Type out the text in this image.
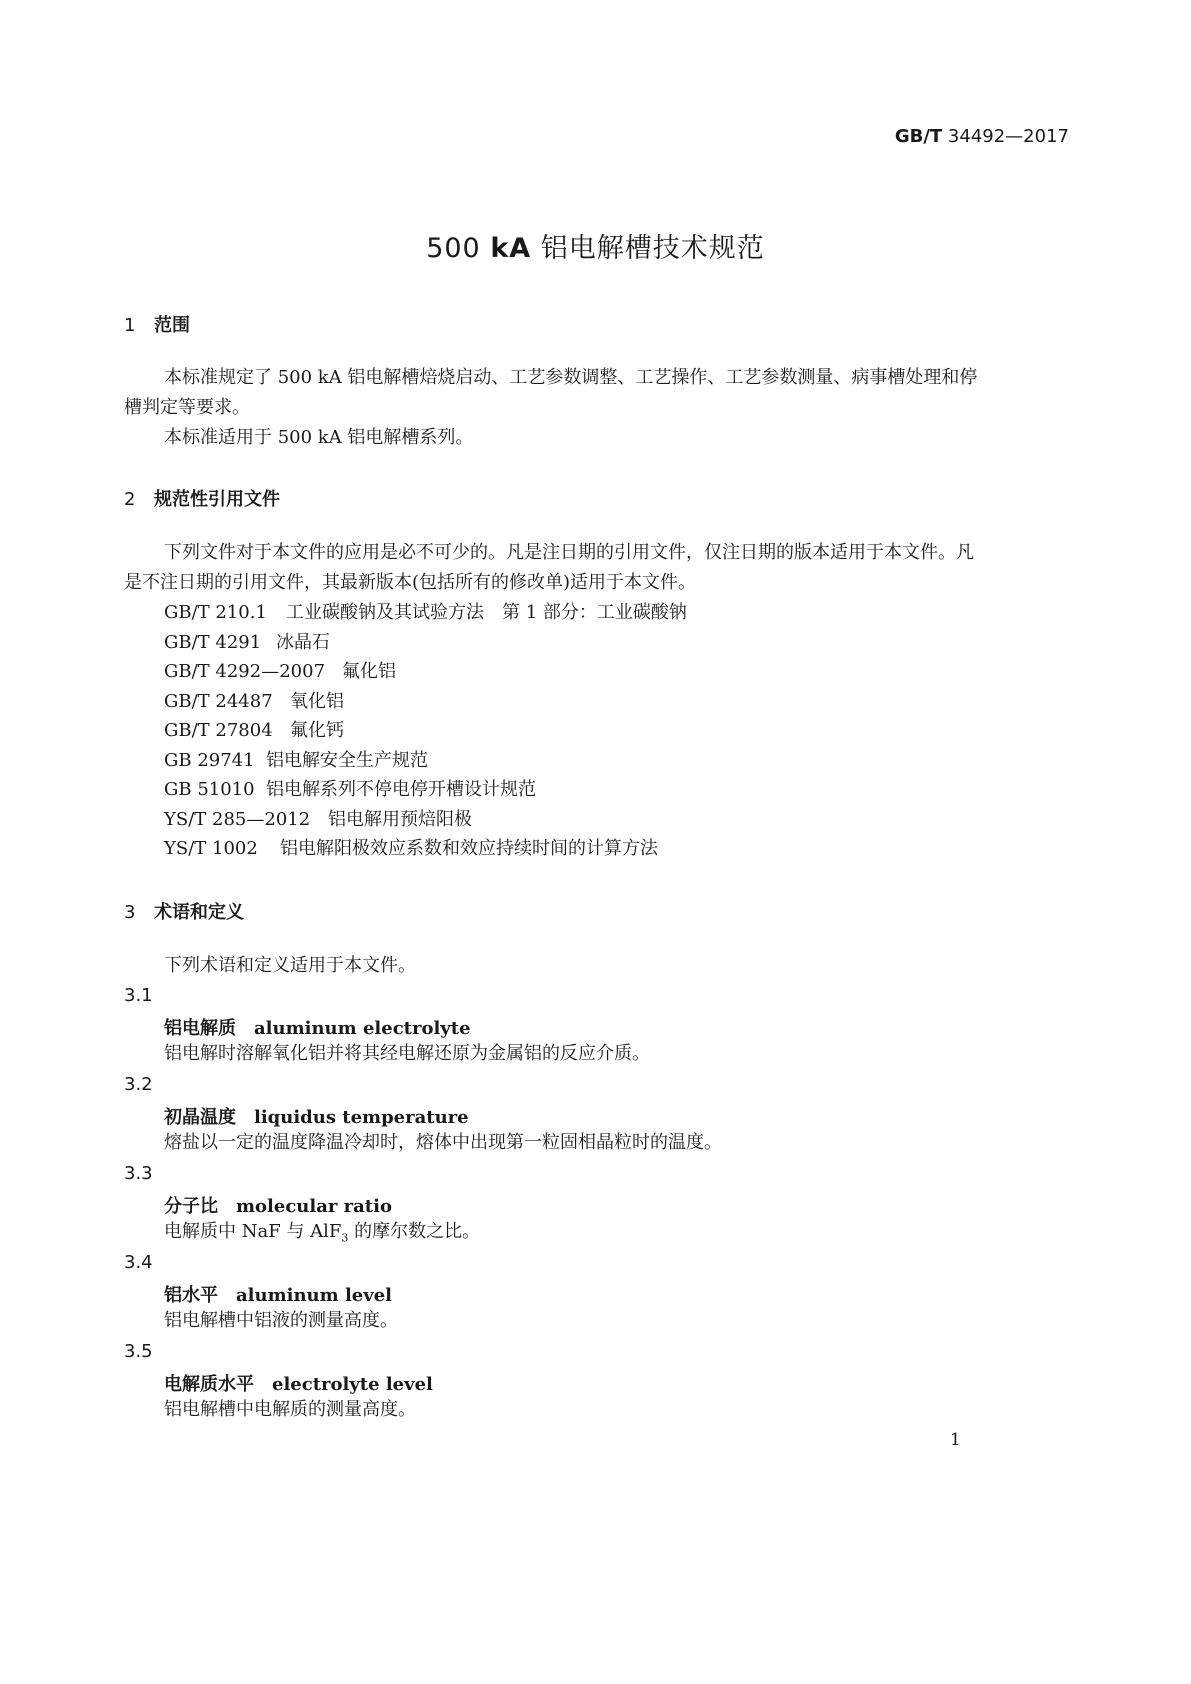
GB/T 34492—2017
500 kA 铝电解槽技术规范
1 范围
本标准规定了 500 kA 铝电解槽焙烧启动、工艺参数调整、工艺操作、工艺参数测量、病事槽处理和停槽判定等要求。
本标准适用于 500 kA 铝电解槽系列。
2 规范性引用文件
下列文件对于本文件的应用是必不可少的。凡是注日期的引用文件，仅注日期的版本适用于本文件。凡是不注日期的引用文件，其最新版本(包括所有的修改单)适用于本文件。
GB/T 210.1 工业碳酸钠及其试验方法　第 1 部分：工业碳酸钠
GB/T 4291 冰晶石
GB/T 4292—2007 氟化铝
GB/T 24487 氧化铝
GB/T 27804 氟化钙
GB 29741 铝电解安全生产规范
GB 51010 铝电解系列不停电停开槽设计规范
YS/T 285—2012 铝电解用预焙阳极
YS/T 1002 铝电解阳极效应系数和效应持续时间的计算方法
3 术语和定义
下列术语和定义适用于本文件。
3.1
铝电解质 aluminum electrolyte
铝电解时溶解氧化铝并将其经电解还原为金属铝的反应介质。
3.2
初晶温度 liquidus temperature
熔盐以一定的温度降温冷却时，熔体中出现第一粒固相晶粒时的温度。
3.3
分子比 molecular ratio
电解质中 NaF 与 AlF$_3$ 的摩尔数之比。
3.4
铝水平 aluminum level
铝电解槽中铝液的测量高度。
3.5
电解质水平 electrolyte level
铝电解槽中电解质的测量高度。
1
